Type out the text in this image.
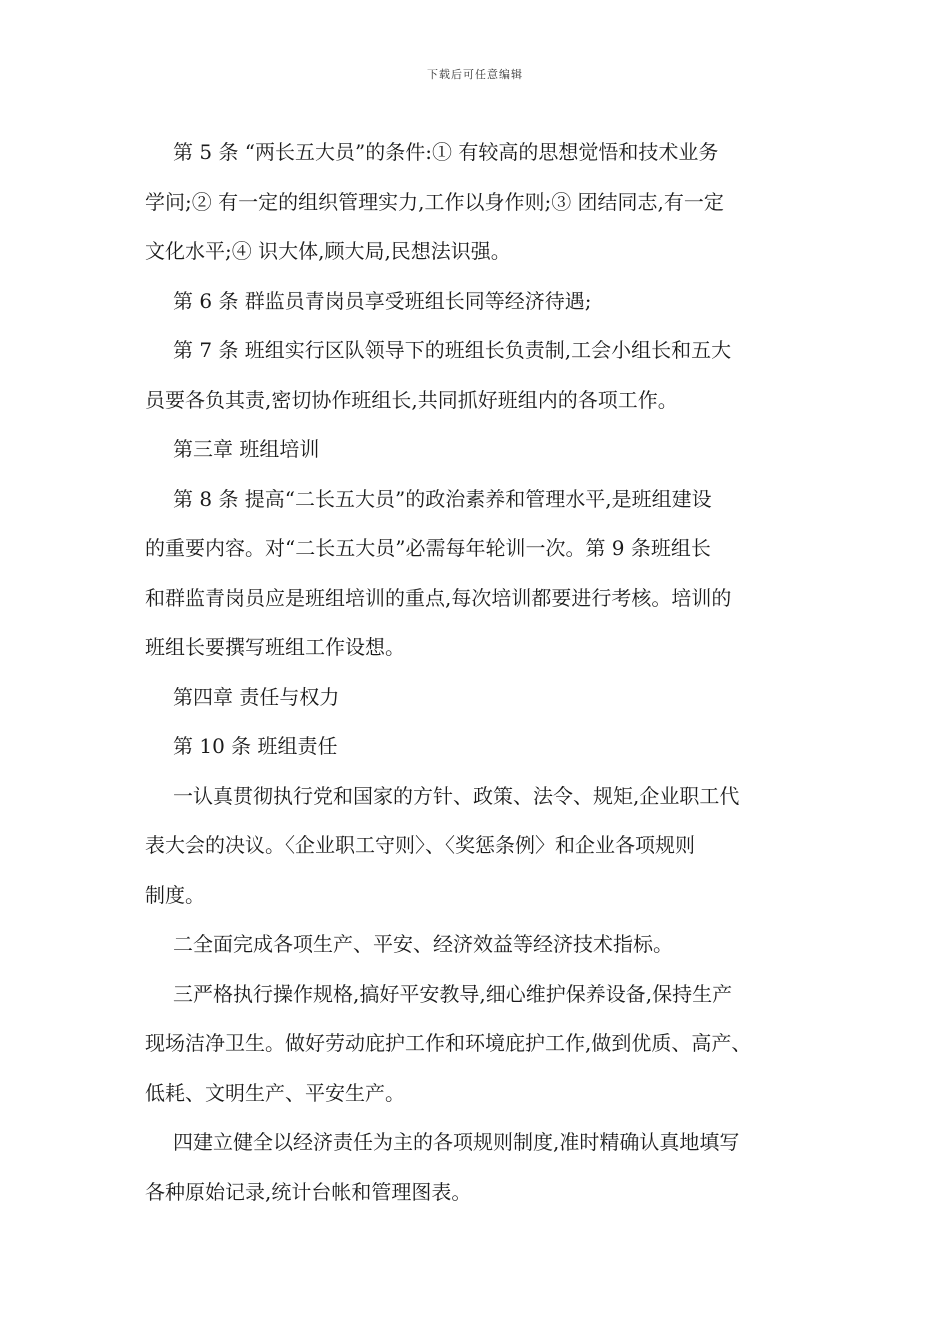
下载后可任意编辑

第 5 条 “两长五大员”的条件:① 有较高的思想觉悟和技术业务

学问;② 有一定的组织管理实力,工作以身作则;③ 团结同志,有一定

文化水平;④ 识大体,顾大局,民想法识强。

第 6 条 群监员青岗员享受班组长同等经济待遇;

第 7 条 班组实行区队领导下的班组长负责制,工会小组长和五大

员要各负其责,密切协作班组长,共同抓好班组内的各项工作。

第三章 班组培训

第 8 条 提高“二长五大员”的政治素养和管理水平,是班组建设

的重要内容。对“二长五大员”必需每年轮训一次。第 9 条班组长

和群监青岗员应是班组培训的重点,每次培训都要进行考核。培训的

班组长要撰写班组工作设想。

第四章 责任与权力

第 10 条 班组责任

一认真贯彻执行党和国家的方针、政策、法令、规矩,企业职工代

表大会的决议。〈企业职工守则〉、〈奖惩条例〉和企业各项规则

制度。

二全面完成各项生产、平安、经济效益等经济技术指标。

三严格执行操作规格,搞好平安教导,细心维护保养设备,保持生产

现场洁净卫生。做好劳动庇护工作和环境庇护工作,做到优质、高产、

低耗、文明生产、平安生产。

四建立健全以经济责任为主的各项规则制度,准时精确认真地填写

各种原始记录,统计台帐和管理图表。
